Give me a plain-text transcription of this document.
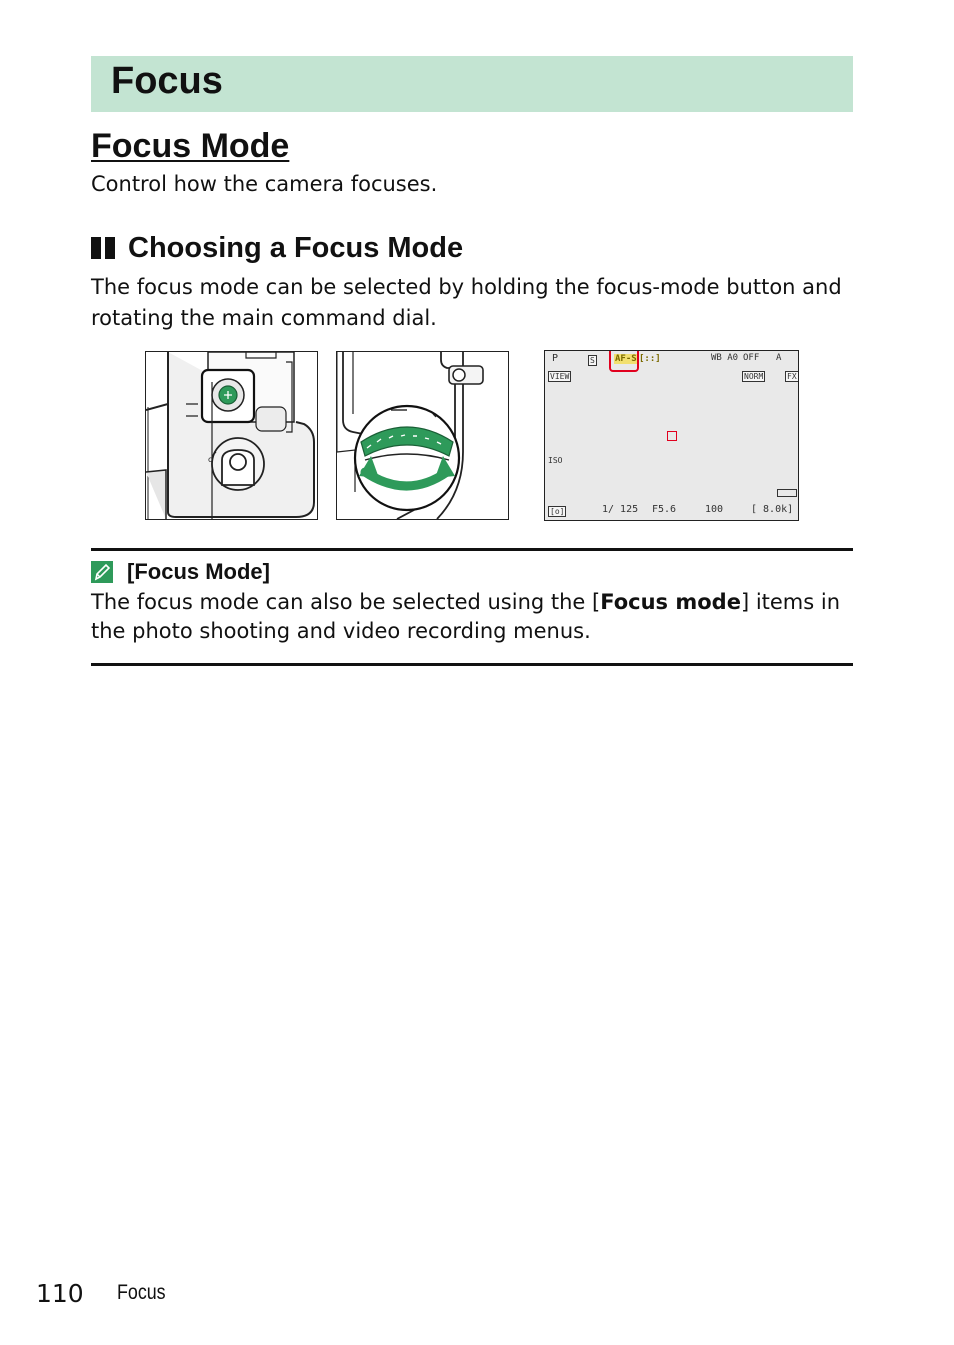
Focus
Focus Mode
Control how the camera focuses.
Choosing a Focus Mode
The focus mode can be selected by holding the focus-mode button and rotating the main command dial.
c
P	S AF-S [::]	WB A0 OFF A
VIEW	NORM	FX
ISO
[o]	1/ 125 F5.6	100	[ 8.0k]
[Focus Mode]
The focus mode can also be selected using the [Focus mode] items in the photo shooting and video recording menus.
110 Focus
